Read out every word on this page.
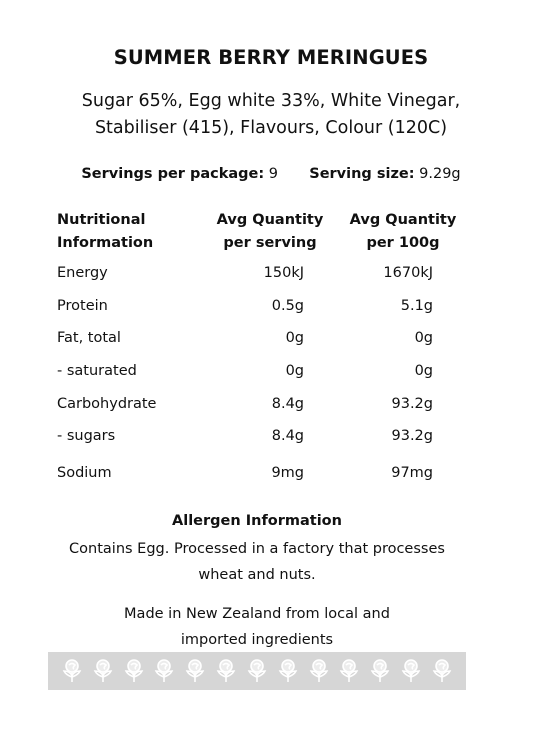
SUMMER BERRY MERINGUES
Sugar 65%, Egg white 33%, White Vinegar,
Stabiliser (415), Flavours, Colour (120C)
Servings per package: 9 Serving size: 9.29g
Nutritional
Information
Avg Quantity
per serving
Avg Quantity
per 100g
Energy	150kJ	1670kJ
Protein	0.5g	5.1g
Fat, total	0g	0g
- saturated	0g	0g
Carbohydrate	8.4g	93.2g
- sugars	8.4g	93.2g
Sodium	9mg	97mg
Allergen Information
Contains Egg. Processed in a factory that processes
wheat and nuts.
Made in New Zealand from local and
imported ingredients
